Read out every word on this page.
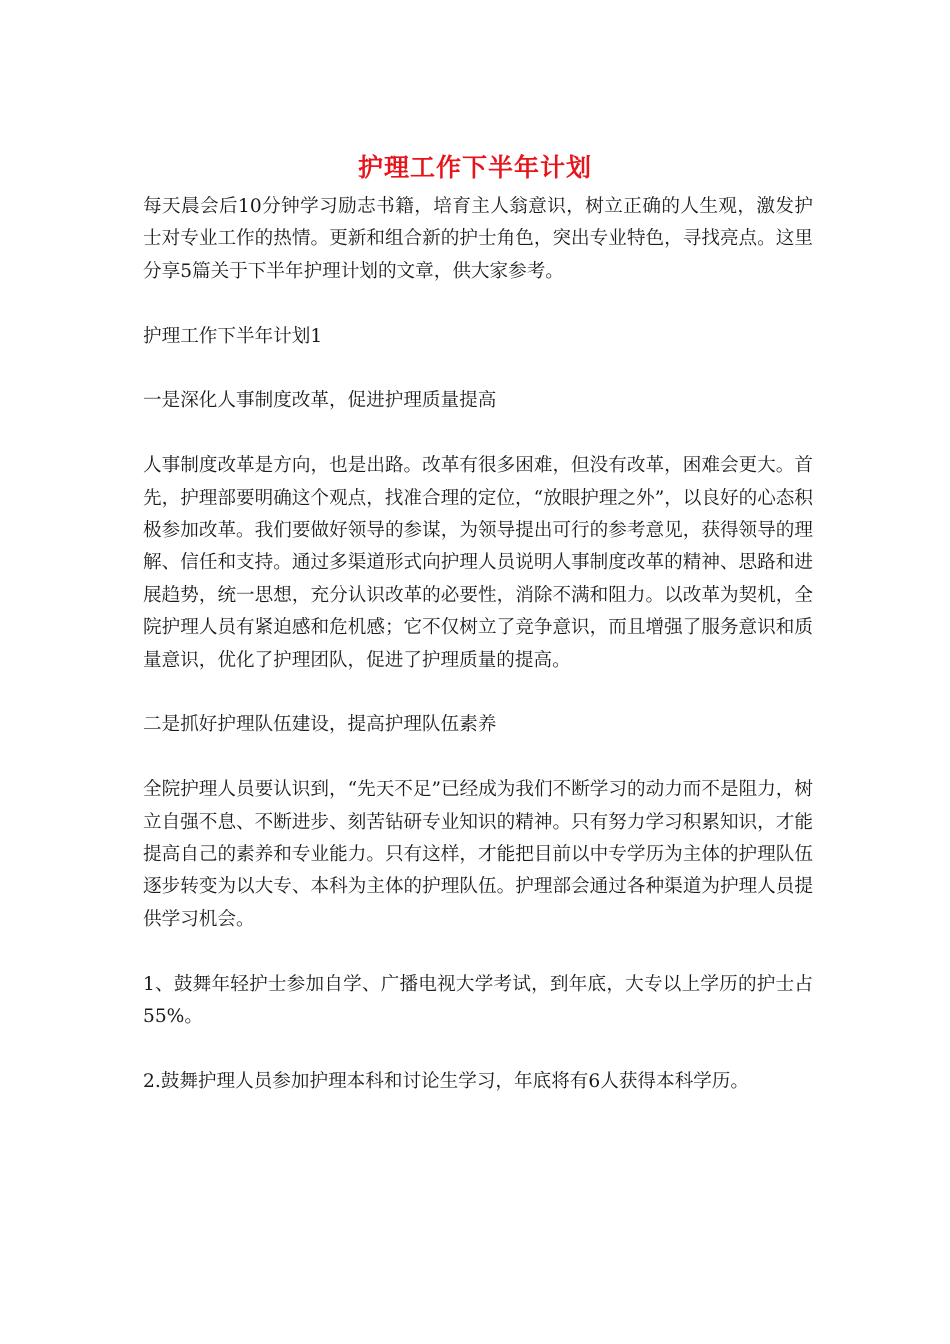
护理工作下半年计划

每天晨会后10分钟学习励志书籍，培育主人翁意识，树立正确的人生观，激发护士对专业工作的热情。更新和组合新的护士角色，突出专业特色，寻找亮点。这里分享5篇关于下半年护理计划的文章，供大家参考。

护理工作下半年计划1

一是深化人事制度改革，促进护理质量提高

人事制度改革是方向，也是出路。改革有很多困难，但没有改革，困难会更大。首先，护理部要明确这个观点，找准合理的定位，“放眼护理之外”，以良好的心态积极参加改革。我们要做好领导的参谋，为领导提出可行的参考意见，获得领导的理解、信任和支持。通过多渠道形式向护理人员说明人事制度改革的精神、思路和进展趋势，统一思想，充分认识改革的必要性，消除不满和阻力。以改革为契机，全院护理人员有紧迫感和危机感；它不仅树立了竞争意识，而且增强了服务意识和质量意识，优化了护理团队，促进了护理质量的提高。

二是抓好护理队伍建设，提高护理队伍素养

全院护理人员要认识到，“先天不足”已经成为我们不断学习的动力而不是阻力，树立自强不息、不断进步、刻苦钻研专业知识的精神。只有努力学习积累知识，才能提高自己的素养和专业能力。只有这样，才能把目前以中专学历为主体的护理队伍逐步转变为以大专、本科为主体的护理队伍。护理部会通过各种渠道为护理人员提供学习机会。

1、鼓舞年轻护士参加自学、广播电视大学考试，到年底，大专以上学历的护士占55%。

2.鼓舞护理人员参加护理本科和讨论生学习，年底将有6人获得本科学历。
